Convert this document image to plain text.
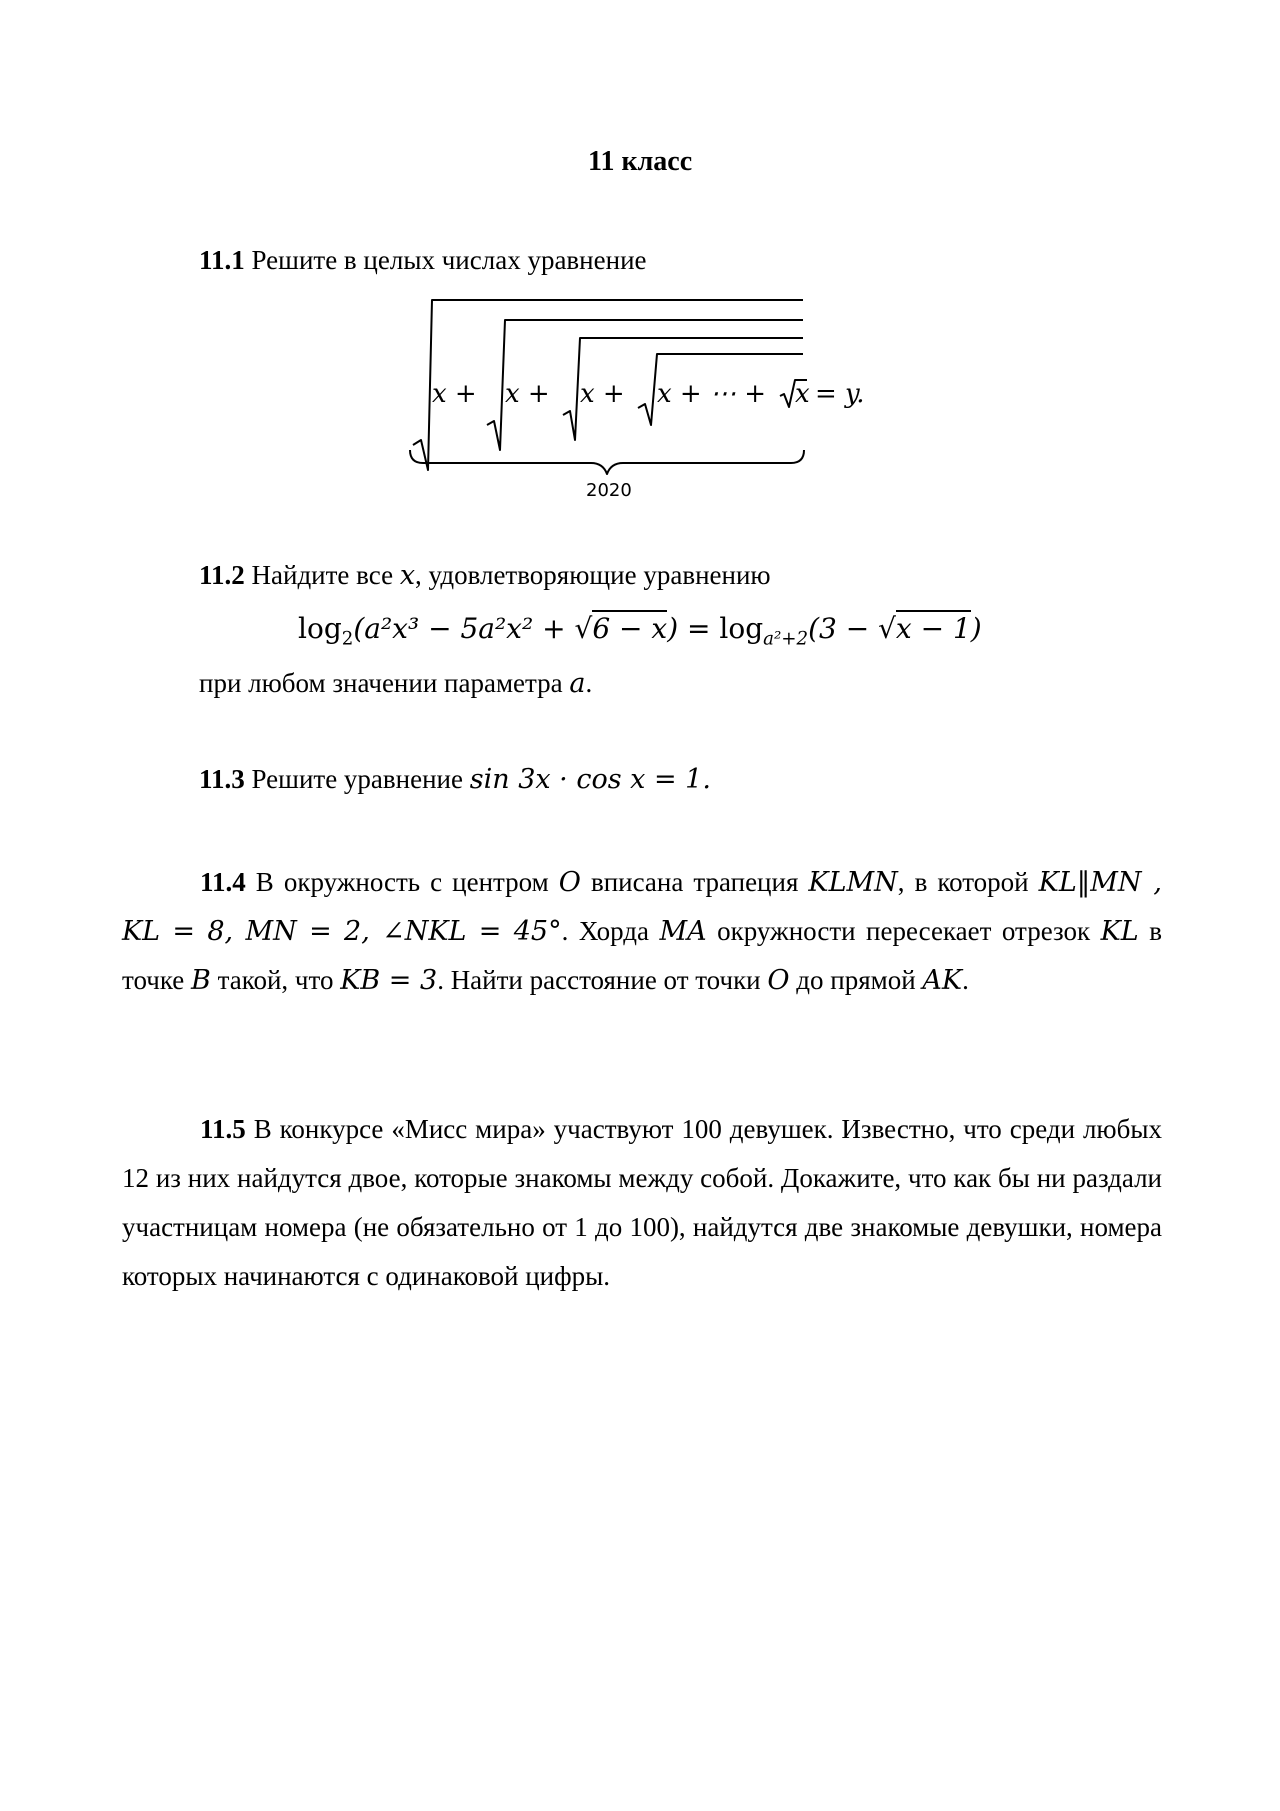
11 класс
11.1 Решите в целых числах уравнение
x + x + x + x + ⋯ + x = y.
2020
11.2 Найдите все x, удовлетворяющие уравнению
$\log_2(a^2x^3 - 5a^2x^2 + √6 - x) = \log_{a^2+2}(3 - √x - 1)$
при любом значении параметра a.
11.3 Решите уравнение sin 3x · cos x = 1.
11.4 В окружность с центром O вписана трапеция KLMN, в которой KL‖MN , KL = 8, MN = 2, ∠NKL = 45°. Хорда MA окружности пересекает отрезок KL в точке B такой, что KB = 3. Найти расстояние от точки O до прямой AK.
11.5 В конкурсе «Мисс мира» участвуют 100 девушек. Известно, что среди любых 12 из них найдутся двое, которые знакомы между собой. Докажите, что как бы ни раздали участницам номера (не обязательно от 1 до 100), найдутся две знакомые девушки, номера которых начинаются с одинаковой цифры.
